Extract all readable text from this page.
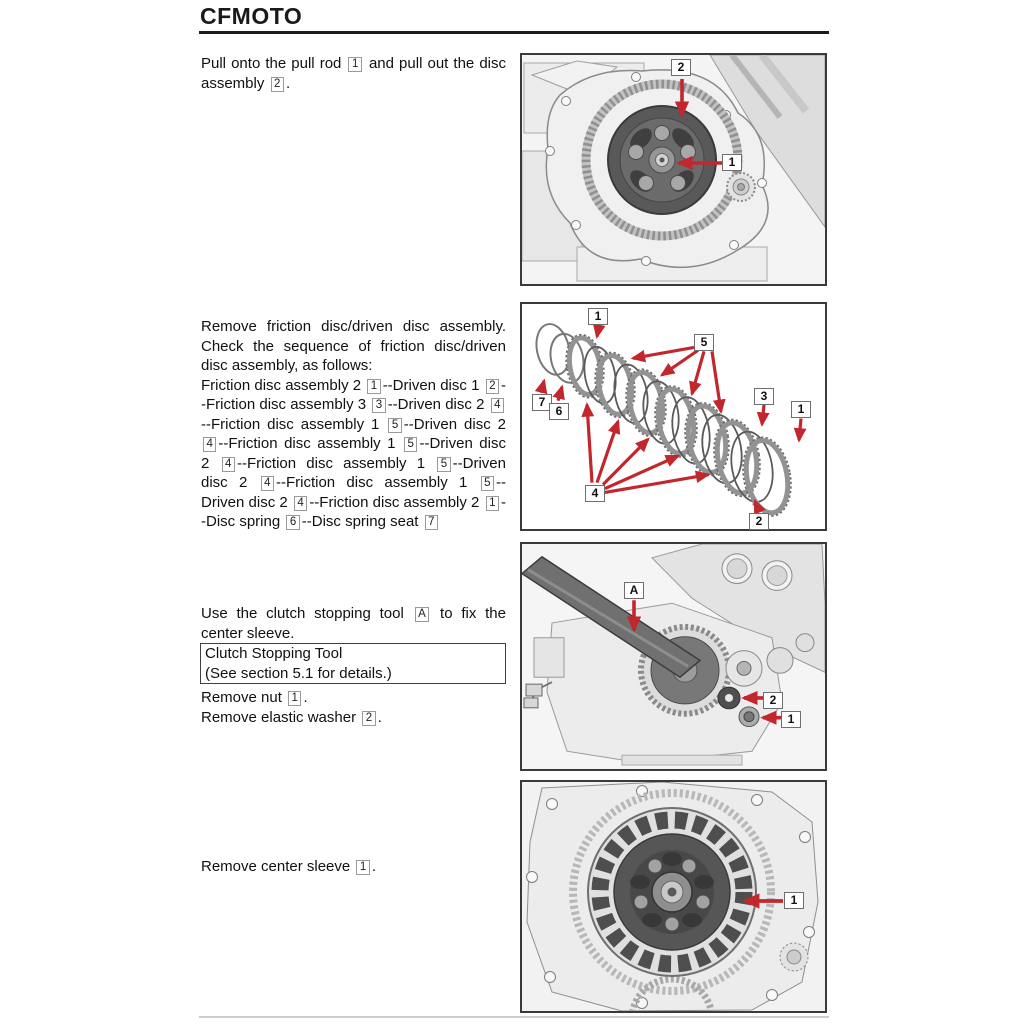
CFMOTO

Pull onto the pull rod 1 and pull out the disc assembly 2 .

Remove friction disc/driven disc assembly. Check the sequence of friction disc/driven disc assembly, as follows:

Friction disc assembly 2 1 --Driven disc 1 2 --Friction disc assembly 3 3 --Driven disc 2 4--Friction disc assembly 1 5 --Driven disc 2 4 --Friction disc assembly 1 5 --Driven disc 2 4 --Friction disc assembly 1 5 --Driven disc 2 4 --Friction disc assembly 1 5 --Driven disc 2 4 --Friction disc assembly 2 1 --Disc spring 6 --Disc spring seat 7

Use the clutch stopping tool A to fix the center sleeve.

Clutch Stopping Tool

(See section 5.1 for details.)

Remove nut 1 .

Remove elastic washer 2 .

Remove center sleeve 1 .

2
1
1
5
7
6
3
1
4
2
A
2
1
1
